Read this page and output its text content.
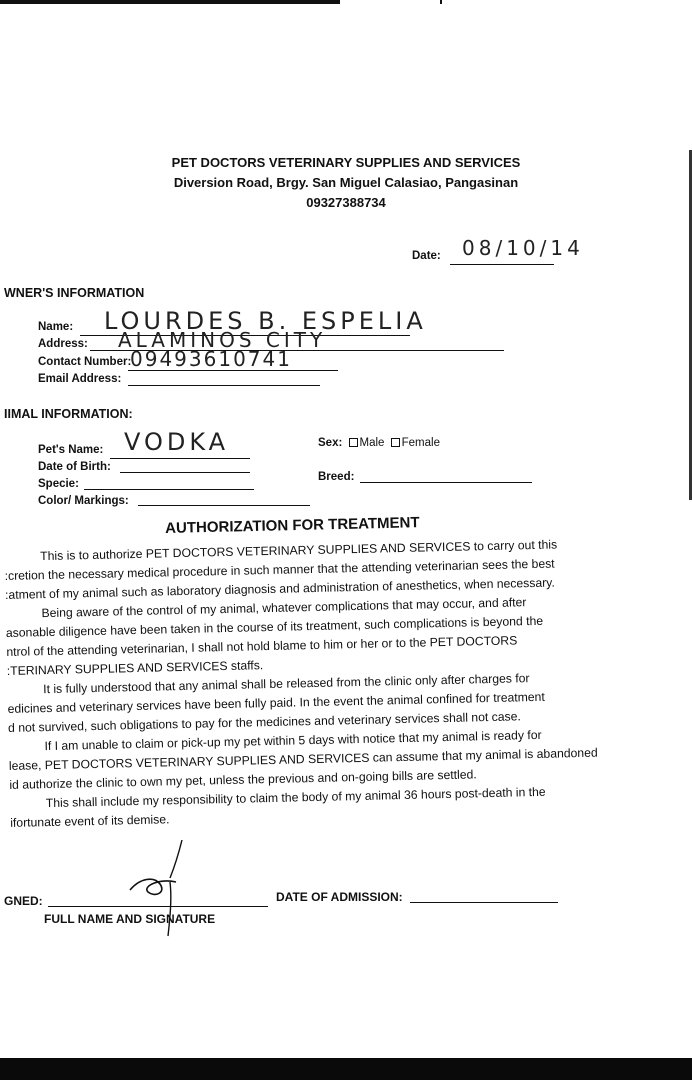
PET DOCTORS VETERINARY SUPPLIES AND SERVICES
Diversion Road, Brgy. San Miguel Calasiao, Pangasinan
09327388734
Date: 08/10/14
WNER'S INFORMATION
Name: LOURDES B. ESPELIA
Address: ALAMINOS CITY
Contact Number:
09493610741
Email Address:
IIMAL INFORMATION:
Pet's Name: VODKA
Date of Birth:
Specie:
Color/ Markings:
Sex: Male Female
Breed:
AUTHORIZATION FOR TREATMENT

This is to authorize PET DOCTORS VETERINARY SUPPLIES AND SERVICES to carry out this

:cretion the necessary medical procedure in such manner that the attending veterinarian sees the best

:atment of my animal such as laboratory diagnosis and administration of anesthetics, when necessary.

Being aware of the control of my animal, whatever complications that may occur, and after

asonable diligence have been taken in the course of its treatment, such complications is beyond the

ntrol of the attending veterinarian, I shall not hold blame to him or her or to the PET DOCTORS

:TERINARY SUPPLIES AND SERVICES staffs.

It is fully understood that any animal shall be released from the clinic only after charges for

edicines and veterinary services have been fully paid. In the event the animal confined for treatment

d not survived, such obligations to pay for the medicines and veterinary services shall not case.

If I am unable to claim or pick-up my pet within 5 days with notice that my animal is ready for

lease, PET DOCTORS VETERINARY SUPPLIES AND SERVICES can assume that my animal is abandoned

id authorize the clinic to own my pet, unless the previous and on-going bills are settled.

This shall include my responsibility to claim the body of my animal 36 hours post-death in the

ifortunate event of its demise.

GNED:
FULL NAME AND SIGNATURE
DATE OF ADMISSION:
